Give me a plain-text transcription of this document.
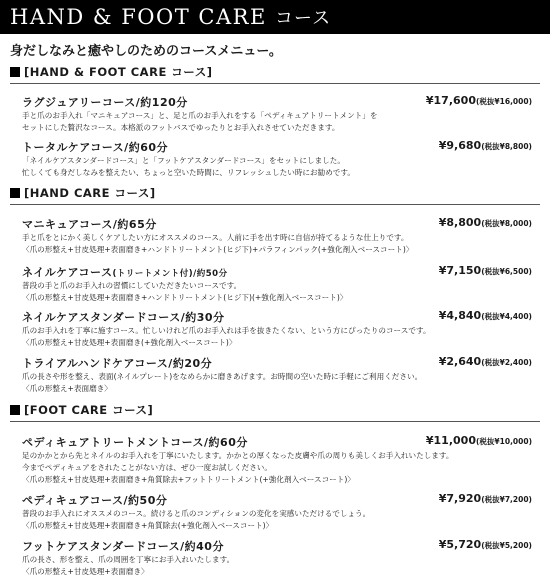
HAND & FOOT CARE コース
身だしなみと癒やしのためのコースメニュー。
[HAND & FOOT CARE コース]
ラグジュアリーコース/約120分	¥17,600(税抜¥16,000)
手と爪のお手入れ「マニキュアコース」と、足と爪のお手入れをする「ペディキュアトリートメント」を
セットにした贅沢なコース。本格派のフットバスでゆったりとお手入れさせていただきます。
トータルケアコース/約60分	¥9,680(税抜¥8,800)
「ネイルケアスタンダードコース」と「フットケアスタンダードコース」をセットにしました。
忙しくても身だしなみを整えたい、ちょっと空いた時間に、リフレッシュしたい時にお勧めです。
[HAND CARE コース]
マニキュアコース/約65分	¥8,800(税抜¥8,000)
手と爪をとにかく美しくケアしたい方にオススメのコース。人前に手を出す時に自信が持てるような仕上りです。
〈爪の形整え+甘皮処理+表面磨き+ハンドトリートメント(ヒジ下)+パラフィンパック(+強化剤入ベースコート)〉
ネイルケアコース(トリートメント付)/約50分	¥7,150(税抜¥6,500)
普段の手と爪のお手入れの習慣にしていただきたいコースです。
〈爪の形整え+甘皮処理+表面磨き+ハンドトリートメント(ヒジ下)(+強化剤入ベースコート)〉
ネイルケアスタンダードコース/約30分	¥4,840(税抜¥4,400)
爪のお手入れを丁寧に施すコース。忙しいけれど爪のお手入れは手を抜きたくない、という方にぴったりのコースです。
〈爪の形整え+甘皮処理+表面磨き(+強化剤入ベースコート)〉
トライアルハンドケアコース/約20分	¥2,640(税抜¥2,400)
爪の長さや形を整え、表面(ネイルプレート)をなめらかに磨きあげます。お時間の空いた時に手軽にご利用ください。
〈爪の形整え+表面磨き〉
[FOOT CARE コース]
ペディキュアトリートメントコース/約60分	¥11,000(税抜¥10,000)
足のかかとから先とネイルのお手入れを丁寧にいたします。かかとの厚くなった皮膚や爪の周りも美しくお手入れいたします。
今までペディキュアをされたことがない方は、ぜひ一度お試しください。
〈爪の形整え+甘皮処理+表面磨き+角質除去+フットトリートメント(+強化剤入ベースコート)〉
ペディキュアコース/約50分	¥7,920(税抜¥7,200)
普段のお手入れにオススメのコース。続けると爪のコンディションの変化を実感いただけるでしょう。
〈爪の形整え+甘皮処理+表面磨き+角質除去(+強化剤入ベースコート)〉
フットケアスタンダードコース/約40分	¥5,720(税抜¥5,200)
爪の長さ、形を整え、爪の周囲を丁寧にお手入れいたします。
〈爪の形整え+甘皮処理+表面磨き〉
